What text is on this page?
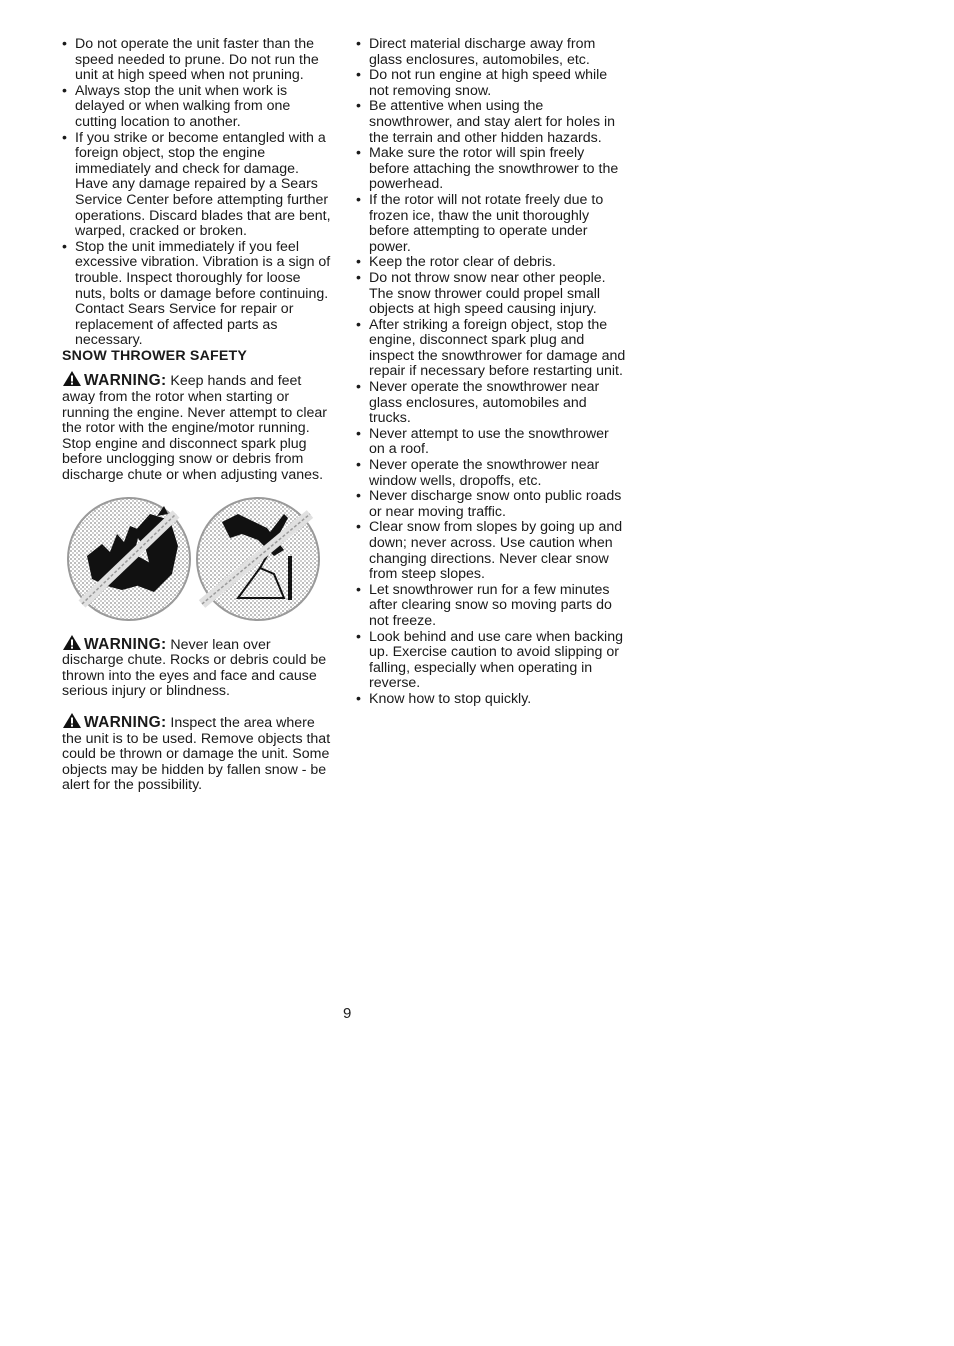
• Do not operate the unit faster than the speed needed to prune. Do not run the unit at high speed when not pruning.
• Always stop the unit when work is delayed or when walking from one cutting location to another.
• If you strike or become entangled with a foreign object, stop the engine immediately and check for damage. Have any damage repaired by a Sears Service Center before attempting further operations. Discard blades that are bent, warped, cracked or broken.
• Stop the unit immediately if you feel excessive vibration. Vibration is a sign of trouble. Inspect thoroughly for loose nuts, bolts or damage before continuing. Contact Sears Service for repair or replacement of affected parts as necessary.

SNOW THROWER SAFETY

WARNING: Keep hands and feet away from the rotor when starting or running the engine. Never attempt to clear the rotor with the engine/motor running. Stop engine and disconnect spark plug before unclogging snow or debris from discharge chute or when adjusting vanes.

WARNING: Never lean over discharge chute. Rocks or debris could be thrown into the eyes and face and cause serious injury or blindness.

WARNING: Inspect the area where the unit is to be used. Remove objects that could be thrown or damage the unit. Some objects may be hidden by fallen snow - be alert for the possibility.

• Direct material discharge away from glass enclosures, automobiles, etc.
• Do not run engine at high speed while not removing snow.
• Be attentive when using the snowthrower, and stay alert for holes in the terrain and other hidden hazards.
• Make sure the rotor will spin freely before attaching the snowthrower to the powerhead.
• If the rotor will not rotate freely due to frozen ice, thaw the unit thoroughly before attempting to operate under power.
• Keep the rotor clear of debris.
• Do not throw snow near other people. The snow thrower could propel small objects at high speed causing injury.
• After striking a foreign object, stop the engine, disconnect spark plug and inspect the snowthrower for damage and repair if necessary before restarting unit.
• Never operate the snowthrower near glass enclosures, automobiles and trucks.
• Never attempt to use the snowthrower on a roof.
• Never operate the snowthrower near window wells, dropoffs, etc.
• Never discharge snow onto public roads or near moving traffic.
• Clear snow from slopes by going up and down; never across. Use caution when changing directions. Never clear snow from steep slopes.
• Let snowthrower run for a few minutes after clearing snow so moving parts do not freeze.
• Look behind and use care when backing up. Exercise caution to avoid slipping or falling, especially when operating in reverse.
• Know how to stop quickly.
9
